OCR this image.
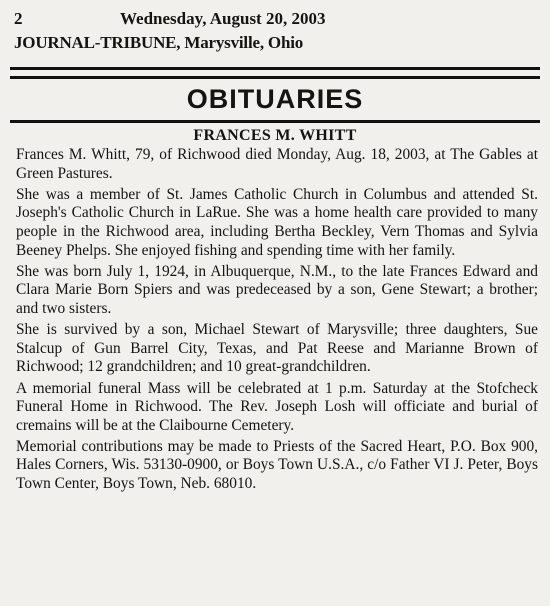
2	Wednesday, August 20, 2003
JOURNAL-TRIBUNE, Marysville, Ohio
OBITUARIES
FRANCES M. WHITT

Frances M. Whitt, 79, of Richwood died Monday, Aug. 18, 2003, at The Gables at Green Pastures.

She was a member of St. James Catholic Church in Columbus and attended St. Joseph's Catholic Church in LaRue. She was a home health care provided to many people in the Richwood area, including Bertha Beckley, Vern Thomas and Sylvia Beeney Phelps. She enjoyed fishing and spending time with her family.

She was born July 1, 1924, in Albuquerque, N.M., to the late Frances Edward and Clara Marie Born Spiers and was predeceased by a son, Gene Stewart; a brother; and two sisters.

She is survived by a son, Michael Stewart of Marysville; three daughters, Sue Stalcup of Gun Barrel City, Texas, and Pat Reese and Marianne Brown of Richwood; 12 grandchildren; and 10 great-grandchildren.

A memorial funeral Mass will be celebrated at 1 p.m. Saturday at the Stofcheck Funeral Home in Richwood. The Rev. Joseph Losh will officiate and burial of cremains will be at the Claibourne Cemetery.

Memorial contributions may be made to Priests of the Sacred Heart, P.O. Box 900, Hales Corners, Wis. 53130-0900, or Boys Town U.S.A., c/o Father VI J. Peter, Boys Town Center, Boys Town, Neb. 68010.
